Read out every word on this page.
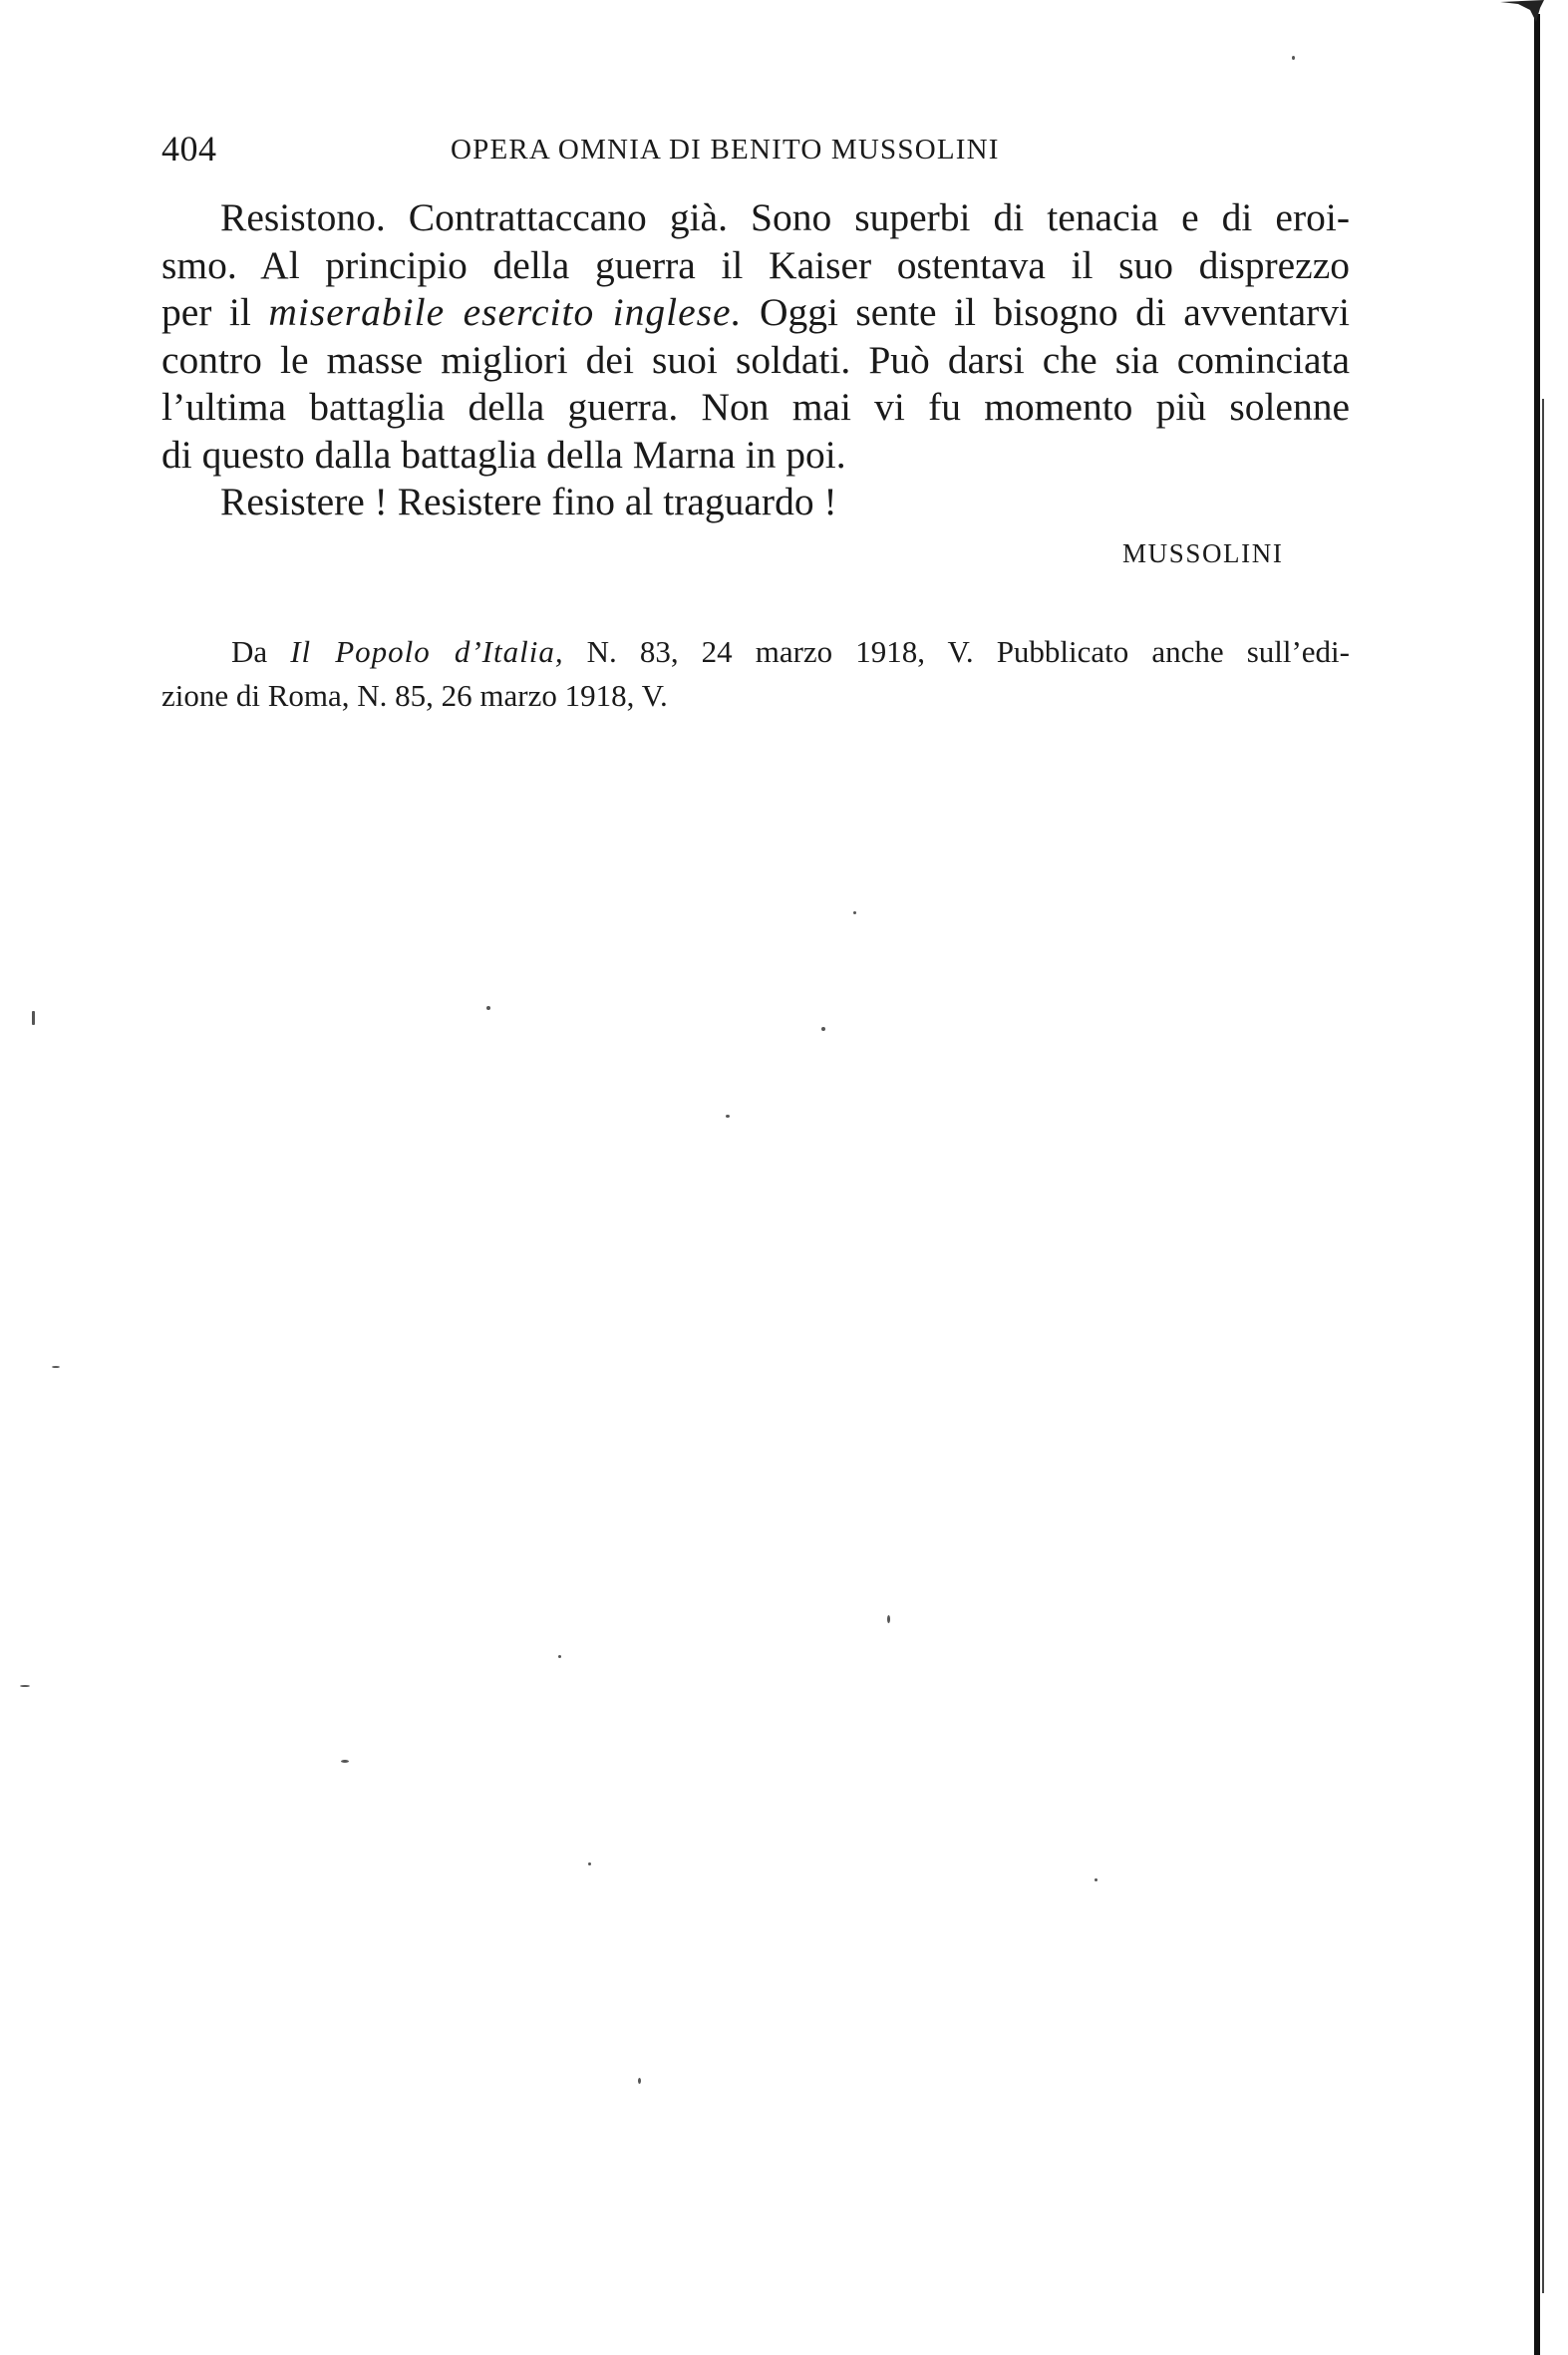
404	OPERA OMNIA DI BENITO MUSSOLINI
Resistono. Contrattaccano già. Sono superbi di tenacia e di eroi-
smo. Al principio della guerra il Kaiser ostentava il suo disprezzo
per il miserabile esercito inglese. Oggi sente il bisogno di avventarvi
contro le masse migliori dei suoi soldati. Può darsi che sia cominciata
l’ultima battaglia della guerra. Non mai vi fu momento più solenne
di questo dalla battaglia della Marna in poi.
Resistere ! Resistere fino al traguardo !
MUSSOLINI
Da Il Popolo d’Italia, N. 83, 24 marzo 1918, V. Pubblicato anche sull’edi-
zione di Roma, N. 85, 26 marzo 1918, V.
